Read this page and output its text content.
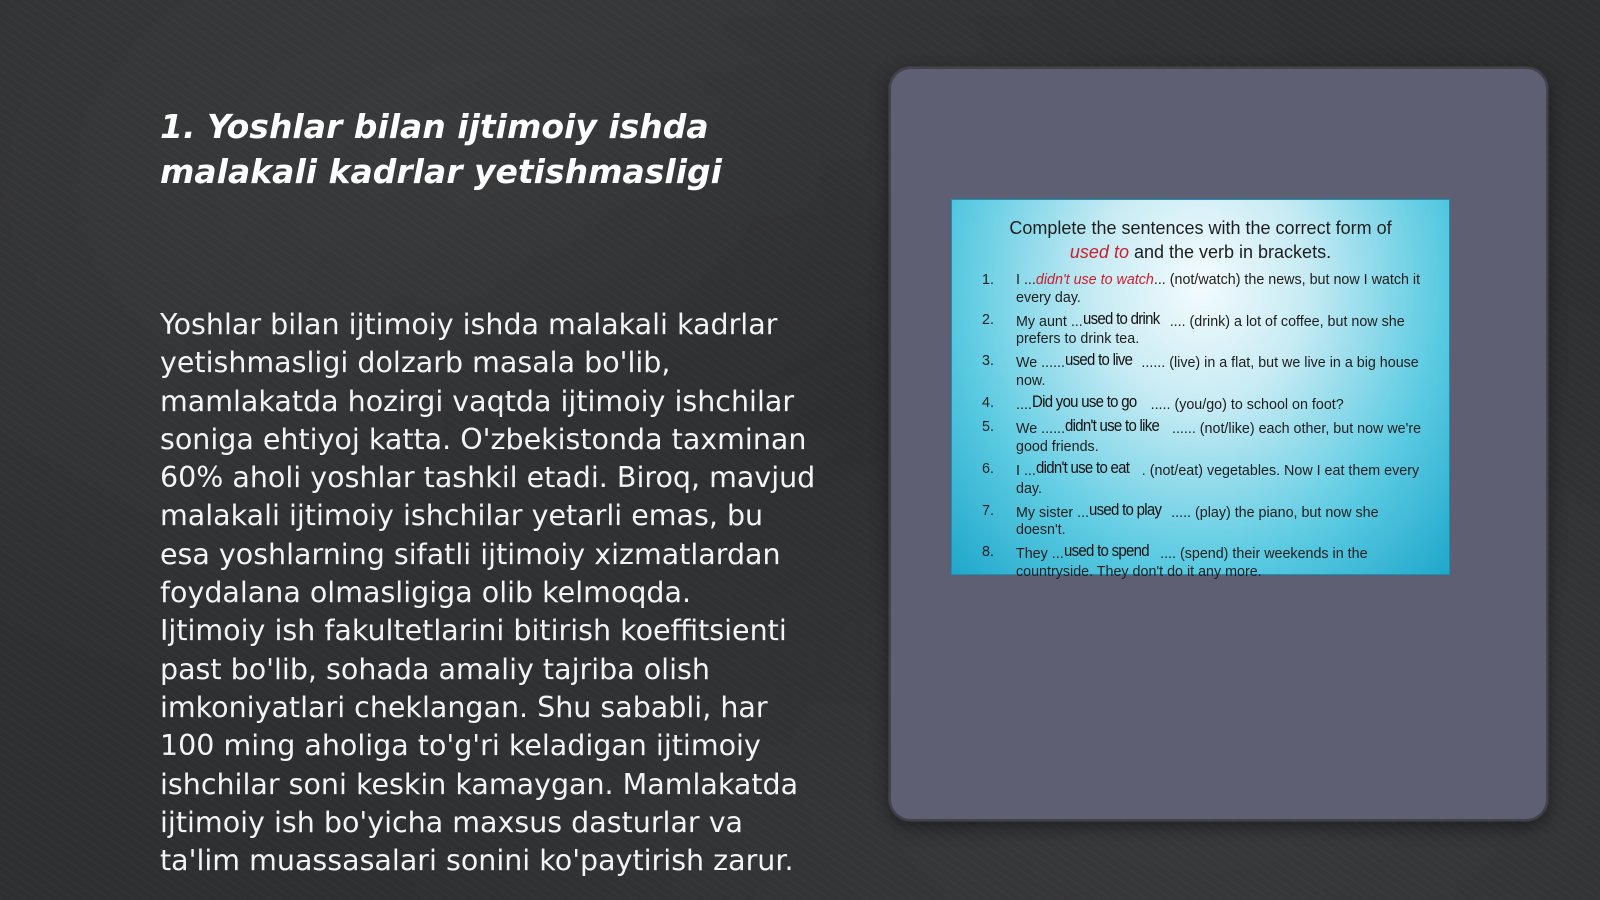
1. Yoshlar bilan ijtimoiy ishda
malakali kadrlar yetishmasligi

Yoshlar bilan ijtimoiy ishda malakali kadrlar
yetishmasligi dolzarb masala bo'lib,
mamlakatda hozirgi vaqtda ijtimoiy ishchilar
soniga ehtiyoj katta. O'zbekistonda taxminan
60% aholi yoshlar tashkil etadi. Biroq, mavjud
malakali ijtimoiy ishchilar yetarli emas, bu
esa yoshlarning sifatli ijtimoiy xizmatlardan
foydalana olmasligiga olib kelmoqda.
Ijtimoiy ish fakultetlarini bitirish koeffitsienti
past bo'lib, sohada amaliy tajriba olish
imkoniyatlari cheklangan. Shu sababli, har
100 ming aholiga to'g'ri keladigan ijtimoiy
ishchilar soni keskin kamaygan. Mamlakatda
ijtimoiy ish bo'yicha maxsus dasturlar va
ta'lim muassasalari sonini ko'paytirish zarur.

Complete the sentences with the correct form of
used to and the verb in brackets.
1.	I ...didn't use to watch... (not/watch) the news, but now I watch it every day.
2.	My aunt ...used to drink .... (drink) a lot of coffee, but now she prefers to drink tea.
3.	We ......used to live ...... (live) in a flat, but we live in a big house now.
4.	....Did you use to go ..... (you/go) to school on foot?
5.	We ......didn't use to like ...... (not/like) each other, but now we're good friends.
6.	I ...didn't use to eat . (not/eat) vegetables. Now I eat them every day.
7.	My sister ...used to play ..... (play) the piano, but now she doesn't.
8.	They ...used to spend .... (spend) their weekends in the countryside. They don't do it any more.
